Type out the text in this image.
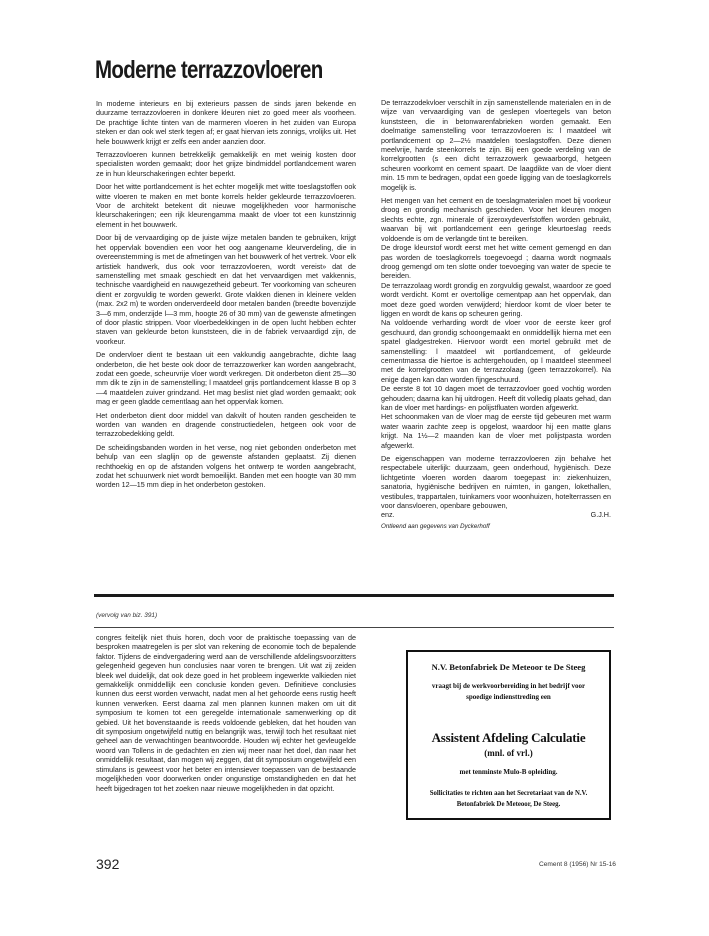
Moderne terrazzovloeren

In moderne interieurs en bij exterieurs passen de sinds jaren bekende en duurzame terrazzovloeren in donkere kleuren niet zo goed meer als voorheen. De prachtige lichte tinten van de marmeren vloeren in het zuiden van Europa steken er dan ook wel sterk tegen af; er gaat hiervan iets zonnigs, vrolijks uit. Het hele bouwwerk krijgt er zelfs een ander aanzien door.

Terrazzovloeren kunnen betrekkelijk gemakkelijk en met weinig kosten door specialisten worden gemaakt; door het grijze bindmiddel portlandcement waren ze in hun kleurschakeringen echter beperkt.

Door het witte portlandcement is het echter mogelijk met witte toeslagstoffen ook witte vloeren te maken en met bonte korrels helder gekleurde terrazzovloeren. Voor de architekt betekent dit nieuwe mogelijkheden voor harmonische kleurschakeringen; een rijk kleurengamma maakt de vloer tot een kunstzinnig element in het bouwwerk.

Door bij de vervaardiging op de juiste wijze metalen banden te gebruiken, krijgt het oppervlak bovendien een voor het oog aangename kleurverdeling, die in overeenstemming is met de afmetingen van het bouwwerk of het vertrek. Voor elk artistiek handwerk, dus ook voor terrazzovloeren, wordt vereist» dat de samenstelling met smaak geschiedt en dat het vervaardigen met vakkennis, technische vaardigheid en nauwgezetheid gebeurt. Ter voorkoming van scheuren dient er zorgvuldig te worden gewerkt. Grote vlakken dienen in kleinere velden (max. 2x2 m) te worden onderverdeeld door metalen banden (breedte bovenzijde 3—6 mm, onderzijde l—3 mm, hoogte 26 of 30 mm) van de gewenste afmetingen of door plastic strippen. Voor vloerbedekkingen in de open lucht hebben echter staven van gekleurde beton kunststeen, die in de fabriek vervaardigd zijn, de voorkeur.

De ondervloer dient te bestaan uit een vakkundig aangebrachte, dichte laag onderbeton, die het beste ook door de terrazzowerker kan worden aangebracht, zodat een goede, scheurvrije vloer wordt verkregen. Dit onderbeton dient 25—30 mm dik te zijn in de samenstelling; l maatdeel grijs portlandcement klasse B op 3—4 maatdelen zuiver grindzand. Het mag beslist niet glad worden gemaakt; ook mag er geen gladde cementlaag aan het oppervlak komen.

Het onderbeton dient door middel van dakvilt of houten randen gescheiden te worden van wanden en dragende constructiedelen, hetgeen ook voor de terrazzobedekking geldt.

De scheidingsbanden worden in het verse, nog niet gebonden onderbeton met behulp van een slaglijn op de gewenste afstanden geplaatst. Zij dienen rechthoekig en op de afstanden volgens het ontwerp te worden aangebracht, zodat het schuurwerk niet wordt bemoeilijkt. Banden met een hoogte van 30 mm worden 12—15 mm diep in het onderbeton gestoken.

De terrazzodekvloer verschilt in zijn samenstellende materialen en in de wijze van vervaardiging van de geslepen vloertegels van beton kunststeen, die in betonwarenfabrieken worden gemaakt. Een doelmatige samenstelling voor terrazzovloeren is: l maatdeel wit portlandcement op 2—2½ maatdelen toeslagstoffen. Deze dienen meelvrije, harde steenkorrels te zijn. Bij een goede verdeling van de korrelgrootten (s een dicht terrazzowerk gewaarborgd, hetgeen scheuren voorkomt en cement spaart. De laagdikte van de vloer dient min. 15 mm te bedragen, opdat een goede ligging van de toeslagkorrels mogelijk is.

Het mengen van het cement en de toeslagmaterialen moet bij voorkeur droog en grondig mechanisch geschieden. Voor het kleuren mogen slechts echte, zgn. minerale of ijzeroxydeverfstoffen worden gebruikt, waarvan bij wit portlandcement een geringe kleurtoeslag reeds voldoende is om de verlangde tint te bereiken.

De droge kleurstof wordt eerst met het witte cement gemengd en dan pas worden de toeslagkorrels toegevoegd ; daarna wordt nogmaals droog gemengd om ten slotte onder toevoeging van water de specie te bereiden.

De terrazzolaag wordt grondig en zorgvuldig gewalst, waardoor ze goed wordt verdicht. Komt er overtollige cementpap aan het oppervlak, dan moet deze goed worden verwijderd; hierdoor komt de vloer beter te liggen en wordt de kans op scheuren gering.

Na voldoende verharding wordt de vloer voor de eerste keer grof geschuurd, dan grondig schoongemaakt en onmiddellijk hierna met een spatel gladgestreken. Hiervoor wordt een mortel gebruikt met de samenstelling: l maatdeel wit portlandcement, of gekleurde cementmassa die hiertoe is achtergehouden, op l maatdeel steenmeel met de korrelgrootten van de terrazzolaag (geen terrazzokorrel). Na enige dagen kan dan worden fijngeschuurd.

De eerste 8 tot 10 dagen moet de terrazzovloer goed vochtig worden gehouden; daarna kan hij uitdrogen. Heeft dit volledig plaats gehad, dan kan de vloer met hardings- en polijstfluaten worden afgewerkt.

Het schoonmaken van de vloer mag de eerste tijd gebeuren met warm water waarin zachte zeep is opgelost, waardoor hij een matte glans krijgt. Na 1½—2 maanden kan de vloer met polijstpasta worden afgewerkt.

De eigenschappen van moderne terrazzovloeren zijn behalve het respectabele uiterlijk: duurzaam, geen onderhoud, hygiënisch. Deze lichtgetinte vloeren worden daarom toegepast in: ziekenhuizen, sanatoria, hygiënische bedrijven en ruimten, in gangen, lokethallen, vestibules, trappartalen, tuinkamers voor woonhuizen, hotelterrassen en voor dansvloeren, openbare gebouwen,

enz.	G.J.H.
Ontleend aan gegevens van Dyckerhoff
(vervolg van biz. 391)

congres feitelijk niet thuis horen, doch voor de praktische toepassing van de besproken maatregelen is per slot van rekening de economie toch de bepalende faktor. Tijdens de eindvergadering werd aan de verschillende afdelingsvoorzitters gelegenheid gegeven hun conclusies naar voren te brengen. Uit wat zij zeiden bleek wel duidelijk, dat ook deze goed in het probleem ingewerkte valkieden niet gemakkelijk onmiddellijk een conclusie konden geven. Definitieve conclusies kunnen dus eerst worden verwacht, nadat men al het gehoorde eens rustig heeft kunnen verwerken. Eerst daarna zal men plannen kunnen maken om uit dit symposium te komen tot een geregelde internationale samenwerking op dit gebied. Uit het bovenstaande is reeds voldoende gebleken, dat het houden van dit symposium ongetwijfeld nuttig en belangrijk was, terwijl toch het resultaat niet geheel aan de verwachtingen beantwoordde. Houden wij echter het gevleugelde woord van Tollens in de gedachten en zien wij meer naar het doel, dan naar het onmiddellijk resultaat, dan mogen wij zeggen, dat dit symposium ongetwijfeld een stimulans is geweest voor het beter en intensiever toepassen van de bestaande mogelijkheden voor doorwerken onder ongunstige omstandigheden en dat het heeft bijgedragen tot het zoeken naar nieuwe mogelijkheden in dat opzicht.

N.V. Betonfabriek De Meteoor te De Steeg
vraagt bij de werkvoorbereiding in het bedrijf voor
spoedige indiensttreding een
Assistent Afdeling Calculatie
(mnl. of vrl.)
met tenminste Mulo-B opleiding.
Sollicitaties te richten aan het Secretariaat van de N.V.
Betonfabriek De Meteoor, De Steeg.
392	Cement 8 (1956) Nr 15-16
